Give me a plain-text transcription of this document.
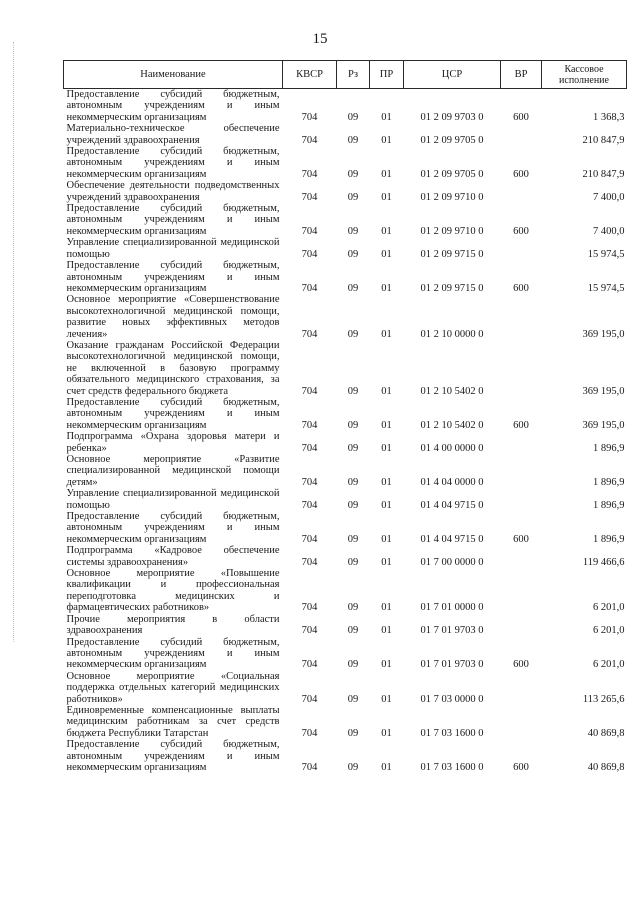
15
Наименование	КВСР	Рз	ПР	ЦСР	ВР	Кассовое исполнение
Предоставление субсидий бюджетным, автономным учреждениям и иным некоммерческим организациям	704	09	01	01 2 09 9703 0	600	1 368,3
Материально-техническое обеспечение учреждений здравоохранения	704	09	01	01 2 09 9705 0		210 847,9
Предоставление субсидий бюджетным, автономным учреждениям и иным некоммерческим организациям	704	09	01	01 2 09 9705 0	600	210 847,9
Обеспечение деятельности подведомственных учреждений здравоохранения	704	09	01	01 2 09 9710 0		7 400,0
Предоставление субсидий бюджетным, автономным учреждениям и иным некоммерческим организациям	704	09	01	01 2 09 9710 0	600	7 400,0
Управление специализированной медицинской помощью	704	09	01	01 2 09 9715 0		15 974,5
Предоставление субсидий бюджетным, автономным учреждениям и иным некоммерческим организациям	704	09	01	01 2 09 9715 0	600	15 974,5
Основное мероприятие «Совершенствование высокотехнологичной медицинской помощи, развитие новых эффективных методов лечения»	704	09	01	01 2 10 0000 0		369 195,0
Оказание гражданам Российской Федерации высокотехнологичной медицинской помощи, не включенной в базовую программу обязательного медицинского страхования, за счет средств федерального бюджета	704	09	01	01 2 10 5402 0		369 195,0
Предоставление субсидий бюджетным, автономным учреждениям и иным некоммерческим организациям	704	09	01	01 2 10 5402 0	600	369 195,0
Подпрограмма «Охрана здоровья матери и ребенка»	704	09	01	01 4 00 0000 0		1 896,9
Основное мероприятие «Развитие специализированной медицинской помощи детям»	704	09	01	01 4 04 0000 0		1 896,9
Управление специализированной медицинской помощью	704	09	01	01 4 04 9715 0		1 896,9
Предоставление субсидий бюджетным, автономным учреждениям и иным некоммерческим организациям	704	09	01	01 4 04 9715 0	600	1 896,9
Подпрограмма «Кадровое обеспечение системы здравоохранения»	704	09	01	01 7 00 0000 0		119 466,6
Основное мероприятие «Повышение квалификации и профессиональная переподготовка медицинских и фармацевтических работников»	704	09	01	01 7 01 0000 0		6 201,0
Прочие мероприятия в области здравоохранения	704	09	01	01 7 01 9703 0		6 201,0
Предоставление субсидий бюджетным, автономным учреждениям и иным некоммерческим организациям	704	09	01	01 7 01 9703 0	600	6 201,0
Основное мероприятие «Социальная поддержка отдельных категорий медицинских работников»	704	09	01	01 7 03 0000 0		113 265,6
Единовременные компенсационные выплаты медицинским работникам за счет средств бюджета Республики Татарстан	704	09	01	01 7 03 1600 0		40 869,8
Предоставление субсидий бюджетным, автономным учреждениям и иным некоммерческим организациям	704	09	01	01 7 03 1600 0	600	40 869,8
